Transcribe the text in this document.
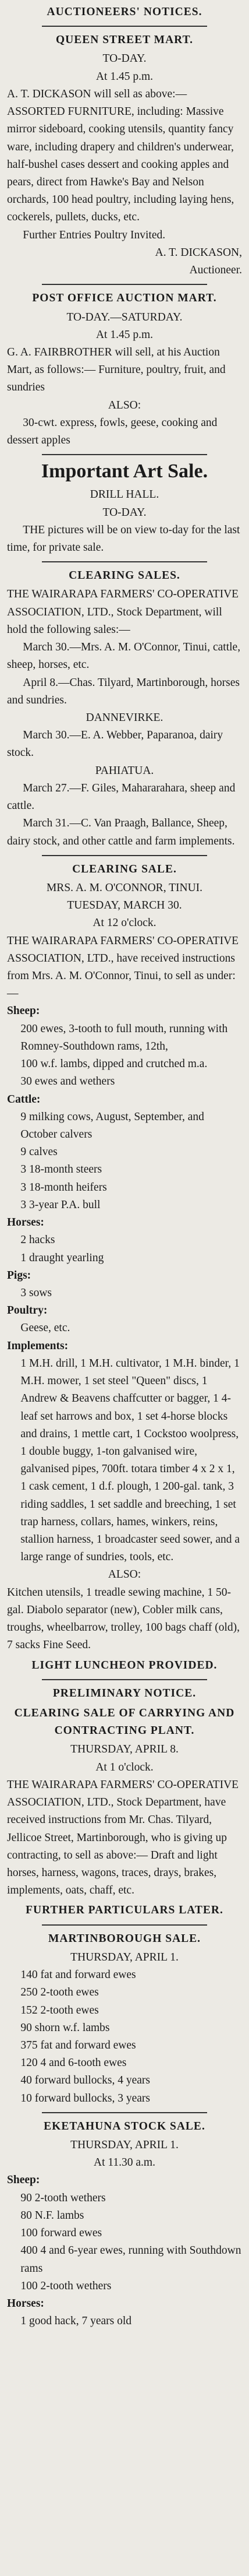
AUCTIONEERS' NOTICES.
QUEEN STREET MART.
TO-DAY.
At 1.45 p.m.

A. T. DICKASON will sell as above:— ASSORTED FURNITURE, including: Massive mirror sideboard, cooking utensils, quantity fancy ware, including drapery and children's underwear, half-bushel cases dessert and cooking apples and pears, direct from Hawke's Bay and Nelson orchards, 100 head poultry, including laying hens, cockerels, pullets, ducks, etc.

Further Entries Poultry Invited.

A. T. DICKASON,

Auctioneer.

POST OFFICE AUCTION MART.
TO-DAY.—SATURDAY.
At 1.45 p.m.

G. A. FAIRBROTHER will sell, at his Auction Mart, as follows:— Furniture, poultry, fruit, and sundries

ALSO:

30-cwt. express, fowls, geese, cooking and dessert apples

Important Art Sale.
DRILL HALL.
TO-DAY.

THE pictures will be on view to-day for the last time, for private sale.

CLEARING SALES.

THE WAIRARAPA FARMERS' CO-OPERATIVE ASSOCIATION, LTD., Stock Department, will hold the following sales:—

March 30.—Mrs. A. M. O'Connor, Tinui, cattle, sheep, horses, etc.

April 8.—Chas. Tilyard, Martinborough, horses and sundries.

DANNEVIRKE.

March 30.—E. A. Webber, Paparanoa, dairy stock.

PAHIATUA.

March 27.—F. Giles, Mahararahara, sheep and cattle.

March 31.—C. Van Praagh, Ballance, Sheep, dairy stock, and other cattle and farm implements.

CLEARING SALE.
MRS. A. M. O'CONNOR, TINUI.
TUESDAY, MARCH 30.
At 12 o'clock.

THE WAIRARAPA FARMERS' CO-OPERATIVE ASSOCIATION, LTD., have received instructions from Mrs. A. M. O'Connor, Tinui, to sell as under:—

Sheep:

200 ewes, 3-tooth to full mouth, running with Romney-Southdown rams, 12th,

100 w.f. lambs, dipped and crutched m.a.

30 ewes and wethers

Cattle:

9 milking cows, August, September, and October calvers

9 calves

3 18-month steers

3 18-month heifers

3 3-year P.A. bull

Horses:

2 hacks

1 draught yearling

Pigs:

3 sows

Poultry:

Geese, etc.

Implements:

1 M.H. drill, 1 M.H. cultivator, 1 M.H. binder, 1 M.H. mower, 1 set steel "Queen" discs, 1 Andrew & Beavens chaffcutter or bagger, 1 4-leaf set harrows and box, 1 set 4-horse blocks and drains, 1 mettle cart, 1 Cockstoo woolpress, 1 double buggy, 1-ton galvanised wire, galvanised pipes, 700ft. totara timber 4 x 2 x 1, 1 cask cement, 1 d.f. plough, 1 200-gal. tank, 3 riding saddles, 1 set saddle and breeching, 1 set trap harness, collars, hames, winkers, reins, stallion harness, 1 broadcaster seed sower, and a large range of sundries, tools, etc.

ALSO:

Kitchen utensils, 1 treadle sewing machine, 1 50-gal. Diabolo separator (new), Cobler milk cans, troughs, wheelbarrow, trolley, 100 bags chaff (old), 7 sacks Fine Seed.

LIGHT LUNCHEON PROVIDED.
PRELIMINARY NOTICE.
CLEARING SALE OF CARRYING AND CONTRACTING PLANT.
THURSDAY, APRIL 8.
At 1 o'clock.

THE WAIRARAPA FARMERS' CO-OPERATIVE ASSOCIATION, LTD., Stock Department, have received instructions from Mr. Chas. Tilyard, Jellicoe Street, Martinborough, who is giving up contracting, to sell as above:— Draft and light horses, harness, wagons, traces, drays, brakes, implements, oats, chaff, etc.

FURTHER PARTICULARS LATER.
MARTINBOROUGH SALE.
THURSDAY, APRIL 1.

140 fat and forward ewes

250 2-tooth ewes

152 2-tooth ewes

90 shorn w.f. lambs

375 fat and forward ewes

120 4 and 6-tooth ewes

40 forward bullocks, 4 years

10 forward bullocks, 3 years

EKETAHUNA STOCK SALE.
THURSDAY, APRIL 1.
At 11.30 a.m.
Sheep:

90 2-tooth wethers

80 N.F. lambs

100 forward ewes

400 4 and 6-year ewes, running with Southdown rams

100 2-tooth wethers

Horses:

1 good hack, 7 years old
